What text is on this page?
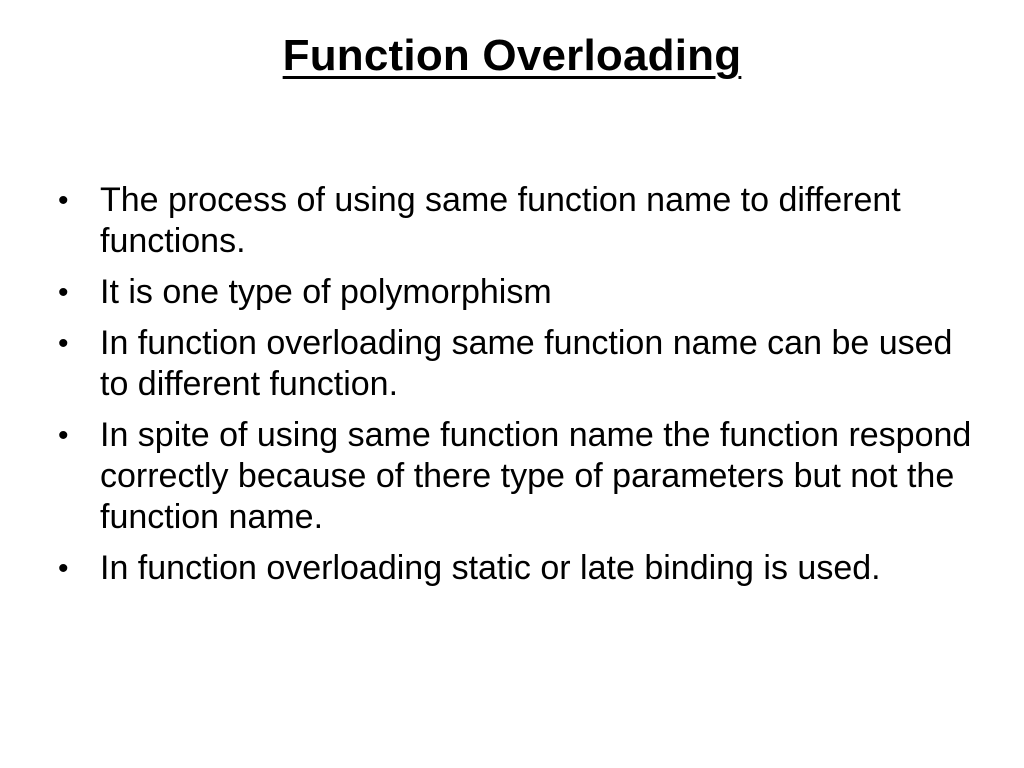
Function Overloading
• The process of using same function name to different functions.
• It is one type of polymorphism
• In function overloading same function name can be used to different function.
• In spite of using same function name the function respond correctly because of there type of parameters but not the function name.
• In function overloading static or late binding is used.
